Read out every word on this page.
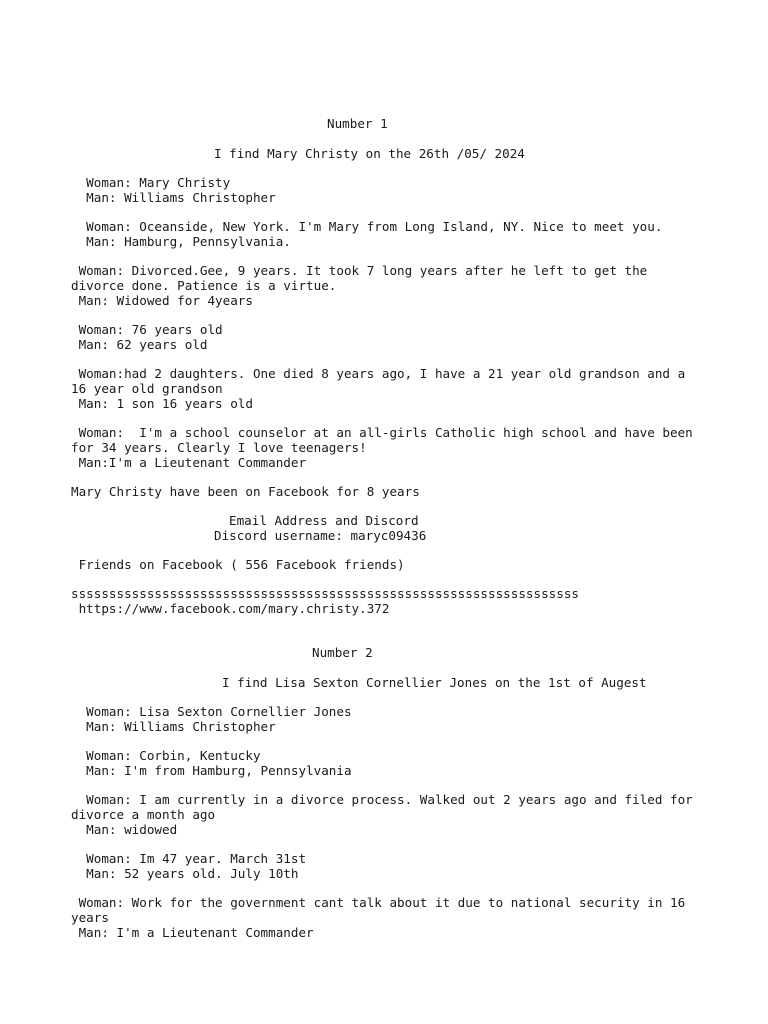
Number 1

I find Mary Christy on the 26th /05/ 2024

Woman: Mary Christy

Man: Williams Christopher

Woman: Oceanside, New York. I'm Mary from Long Island, NY. Nice to meet you.

Man: Hamburg, Pennsylvania.

Woman: Divorced.Gee, 9 years. It took 7 long years after he left to get the

divorce done. Patience is a virtue.

Man: Widowed for 4years

Woman: 76 years old

Man: 62 years old

Woman:had 2 daughters. One died 8 years ago, I have a 21 year old grandson and a

16 year old grandson

Man: 1 son 16 years old

Woman:  I'm a school counselor at an all-girls Catholic high school and have been

for 34 years. Clearly I love teenagers!

Man:I'm a Lieutenant Commander

Mary Christy have been on Facebook for 8 years

Email Address and Discord

Discord username: maryc09436

Friends on Facebook ( 556 Facebook friends)

sssssssssssssssssssssssssssssssssssssssssssssssssssssssssssssssssss

https://www.facebook.com/mary.christy.372

Number 2

I find Lisa Sexton Cornellier Jones on the 1st of Augest

Woman: Lisa Sexton Cornellier Jones

Man: Williams Christopher

Woman: Corbin, Kentucky

Man: I'm from Hamburg, Pennsylvania

Woman: I am currently in a divorce process. Walked out 2 years ago and filed for

divorce a month ago

Man: widowed

Woman: Im 47 year. March 31st

Man: 52 years old. July 10th

Woman: Work for the government cant talk about it due to national security in 16

years

Man: I'm a Lieutenant Commander
